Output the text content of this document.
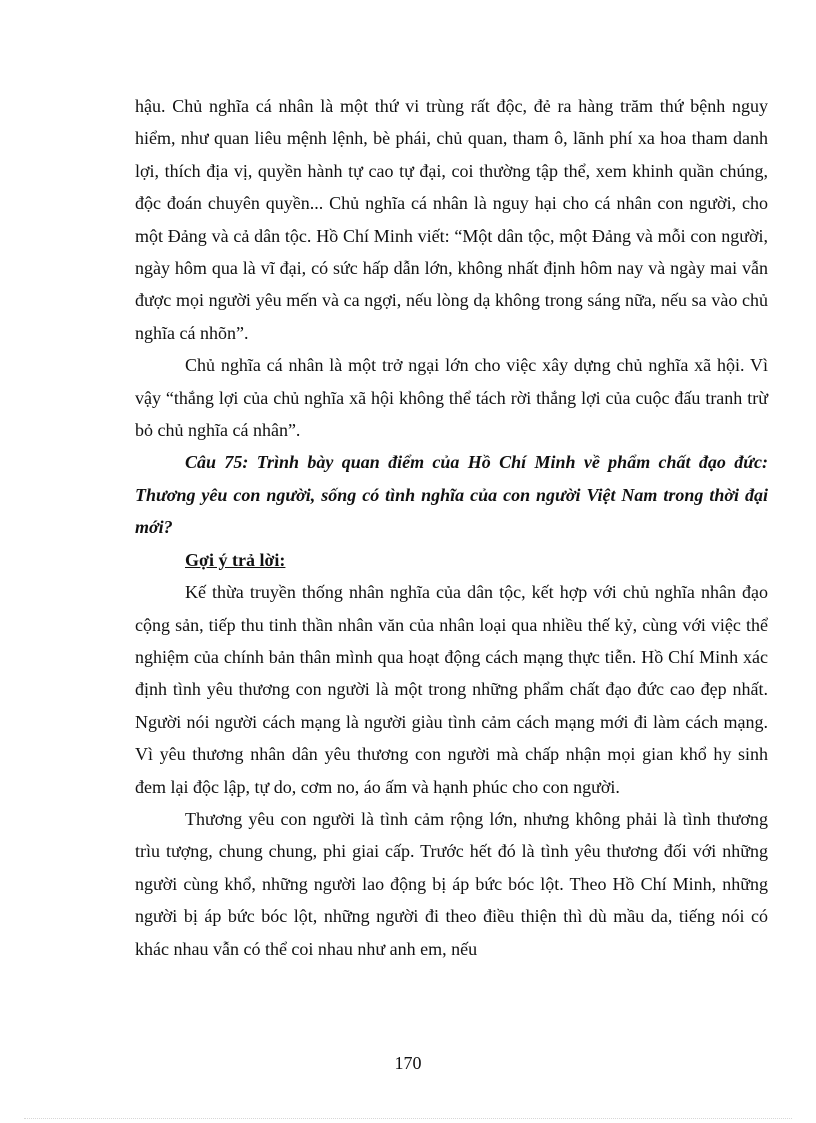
hậu. Chủ nghĩa cá nhân là một thứ vi trùng rất độc, đẻ ra hàng trăm thứ bệnh nguy hiểm, như quan liêu mệnh lệnh, bè phái, chủ quan, tham ô, lãnh phí xa hoa tham danh lợi, thích địa vị, quyền hành tự cao tự đại, coi thường tập thể, xem khinh quần chúng, độc đoán chuyên quyền... Chủ nghĩa cá nhân là nguy hại cho cá nhân con người, cho một Đảng và cả dân tộc. Hồ Chí Minh viết: “Một dân tộc, một Đảng và mỗi con người, ngày hôm qua là vĩ đại, có sức hấp dẫn lớn, không nhất định hôm nay và ngày mai vẫn được mọi người yêu mến và ca ngợi, nếu lòng dạ không trong sáng nữa, nếu sa vào chủ nghĩa cá nhõn”.

Chủ nghĩa cá nhân là một trở ngại lớn cho việc xây dựng chủ nghĩa xã hội. Vì vậy “thắng lợi của chủ nghĩa xã hội không thể tách rời thắng lợi của cuộc đấu tranh trừ bỏ chủ nghĩa cá nhân”.

Câu 75: Trình bày quan điểm của Hồ Chí Minh về phẩm chất đạo đức: Thương yêu con người, sống có tình nghĩa của con người Việt Nam trong thời đại mới?

Gợi ý trả lời:

Kế thừa truyền thống nhân nghĩa của dân tộc, kết hợp với chủ nghĩa nhân đạo cộng sản, tiếp thu tinh thần nhân văn của nhân loại qua nhiều thế kỷ, cùng với việc thể nghiệm của chính bản thân mình qua hoạt động cách mạng thực tiễn. Hồ Chí Minh xác định tình yêu thương con người là một trong những phẩm chất đạo đức cao đẹp nhất. Người nói người cách mạng là người giàu tình cảm cách mạng mới đi làm cách mạng. Vì yêu thương nhân dân yêu thương con người mà chấp nhận mọi gian khổ hy sinh đem lại độc lập, tự do, cơm no, áo ấm và hạnh phúc cho con người.

Thương yêu con người là tình cảm rộng lớn, nhưng không phải là tình thương trìu tượng, chung chung, phi giai cấp. Trước hết đó là tình yêu thương đối với những người cùng khổ, những người lao động bị áp bức bóc lột. Theo Hồ Chí Minh, những người bị áp bức bóc lột, những người đi theo điều thiện thì dù mầu da, tiếng nói có khác nhau vẫn có thể coi nhau như anh em, nếu

170
